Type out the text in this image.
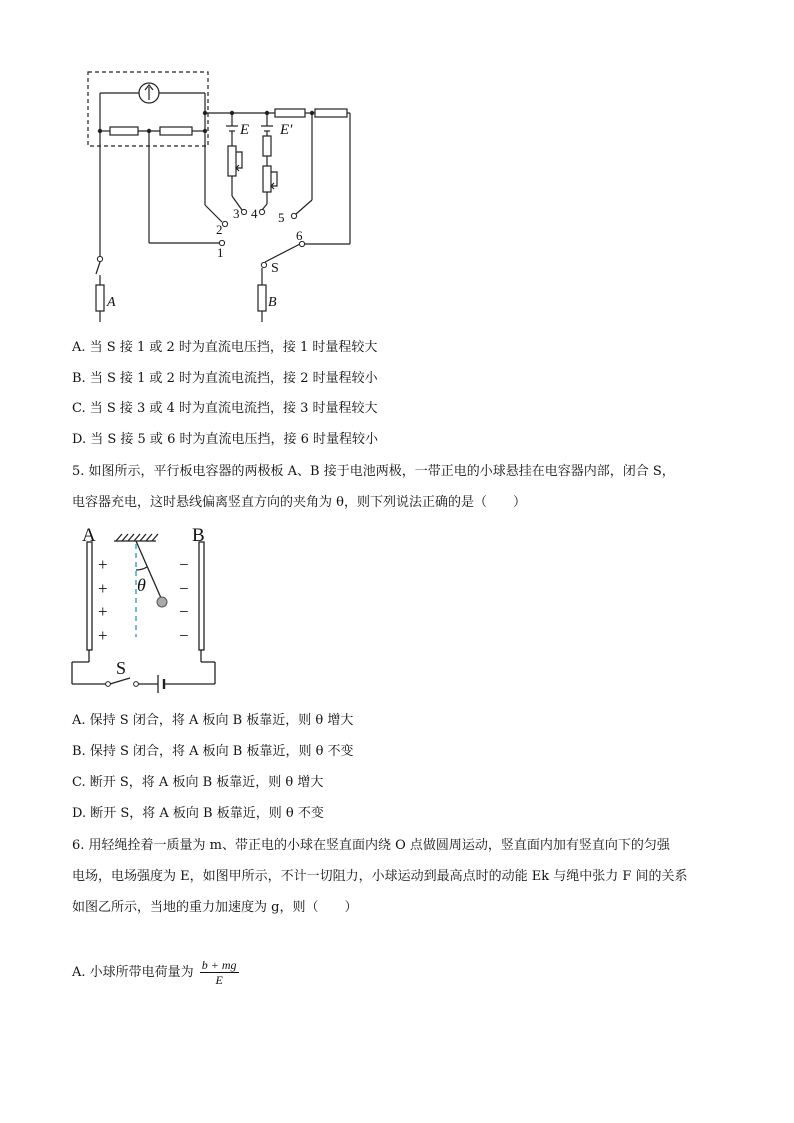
1
2
3 4 5
6
E E′
A	B
S
A. 当 S 接 1 或 2 时为直流电压挡，接 1 时量程较大
B. 当 S 接 1 或 2 时为直流电流挡，接 2 时量程较小
C. 当 S 接 3 或 4 时为直流电流挡，接 3 时量程较大
D. 当 S 接 5 或 6 时为直流电压挡，接 6 时量程较小
5. 如图所示，平行板电容器的两极板 A、B 接于电池两极，一带正电的小球悬挂在电容器内部，闭合 S，
电容器充电，这时悬线偏离竖直方向的夹角为 θ，则下列说法正确的是（　　）
A	B
θ
S
+
+
+
+
−
−
−
−
A. 保持 S 闭合，将 A 板向 B 板靠近，则 θ 增大
B. 保持 S 闭合，将 A 板向 B 板靠近，则 θ 不变
C. 断开 S，将 A 板向 B 板靠近，则 θ 增大
D. 断开 S，将 A 板向 B 板靠近，则 θ 不变
6. 用轻绳拴着一质量为 m、带正电的小球在竖直面内绕 O 点做圆周运动，竖直面内加有竖直向下的匀强
电场，电场强度为 E，如图甲所示，不计一切阻力，小球运动到最高点时的动能 Ek 与绳中张力 F 间的关系
如图乙所示，当地的重力加速度为 g，则（　　）
A. 小球所带电荷量为 $\frac{b + mg}{E}$
